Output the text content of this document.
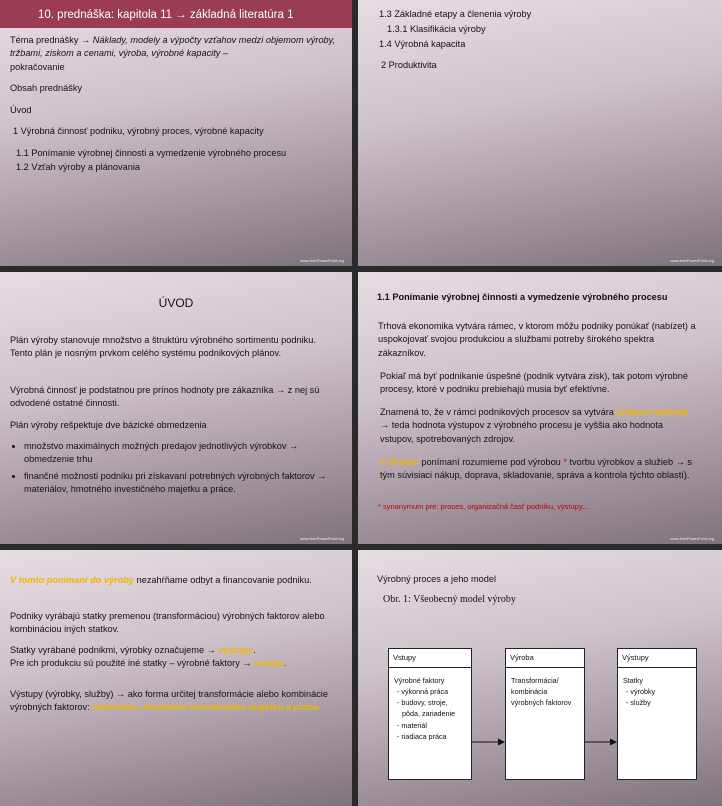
10. prednáška: kapitola 11 → základná literatúra 1

Téma prednášky → Náklady, modely a výpočty vzťahov medzi objemom výroby, tržbami, ziskom a cenami, výroba, výrobné kapacity –
pokračovanie

Obsah prednášky

Úvod

1 Výrobná činnosť podniku, výrobný proces, výrobné kapacity

1.1 Ponímanie výrobnej činnosti a vymedzenie výrobného procesu

1.2 Vzťah výroby a plánovania

www.freePowerPoint.org

1.3 Základné etapy a členenia výroby

1.3.1 Klasifikácia výroby

1.4 Výrobná kapacita

2 Produktivita

www.freePowerPoint.org
ÚVOD

Plán výroby stanovuje množstvo a štruktúru výrobného sortimentu podniku. Tento plán je nosným prvkom celého systému podnikových plánov.

Výrobná činnosť je podstatnou pre prínos hodnoty pre zákazníka → z nej sú odvodené ostatné činnosti.

Plán výroby rešpektuje dve bázické obmedzenia

• množstvo maximálnych možných predajov jednotlivých výrobkov → obmedzenie trhu
• finančné možnosti podniku pri získavaní potrebných výrobných faktorov → materiálov, hmotného investičného majetku a práce.
www.freePowerPoint.org
1.1 Ponímanie výrobnej činnosti a vymedzenie výrobného procesu

Trhová ekonomika vytvára rámec, v ktorom môžu podniky ponúkať (nabízet) a uspokojovať svojou produkciou a službami potreby širokého spektra zákazníkov.

Pokiaľ má byť podnikanie úspešné (podnik vytvára zisk), tak potom výrobné procesy, ktoré v podniku prebiehajú musia byť efektívne.

Znamená to, že v rámci podnikových procesov sa vytvára pridaná hodnota → teda hodnota výstupov z výrobného procesu je vyššia ako hodnota vstupov, spotrebovaných zdrojov.

V širšom ponímaní rozumieme pod výrobou * tvorbu výrobkov a služieb → s tým súvisiaci nákup, doprava, skladovanie, správa a kontrola týchto oblastí).

* synonymum pre: proces, organizačná časť podniku, výstupy...
www.freePowerPoint.org

V tomto ponímaní do výroby nezahŕňame odbyt a financovanie podniku.

Podniky vyrábajú statky premenou (transformáciou) výrobných faktorov alebo kombináciou iných statkov.

Statky vyrábané podnikmi, výrobky označujeme → výstupy.
Pre ich produkciu sú použité iné statky – výrobné faktory → vstupy.

Výstupy (výrobky, služby) → ako forma určitej transformácie alebo kombinácie výrobných faktorov: materiálov, hmotného investičného majetku a práce.

Výrobný proces a jeho model
Obr. 1: Všeobecný model výroby
Vstupy
Výrobné faktory
- výkonná práca
- budovy, stroje,
pôda, zariadenie
- materiál
- riadiaca práca
Výroba
Transformácia/
kombinácia
výrobných faktorov
Výstupy
Statky
- výrobky
- služby
